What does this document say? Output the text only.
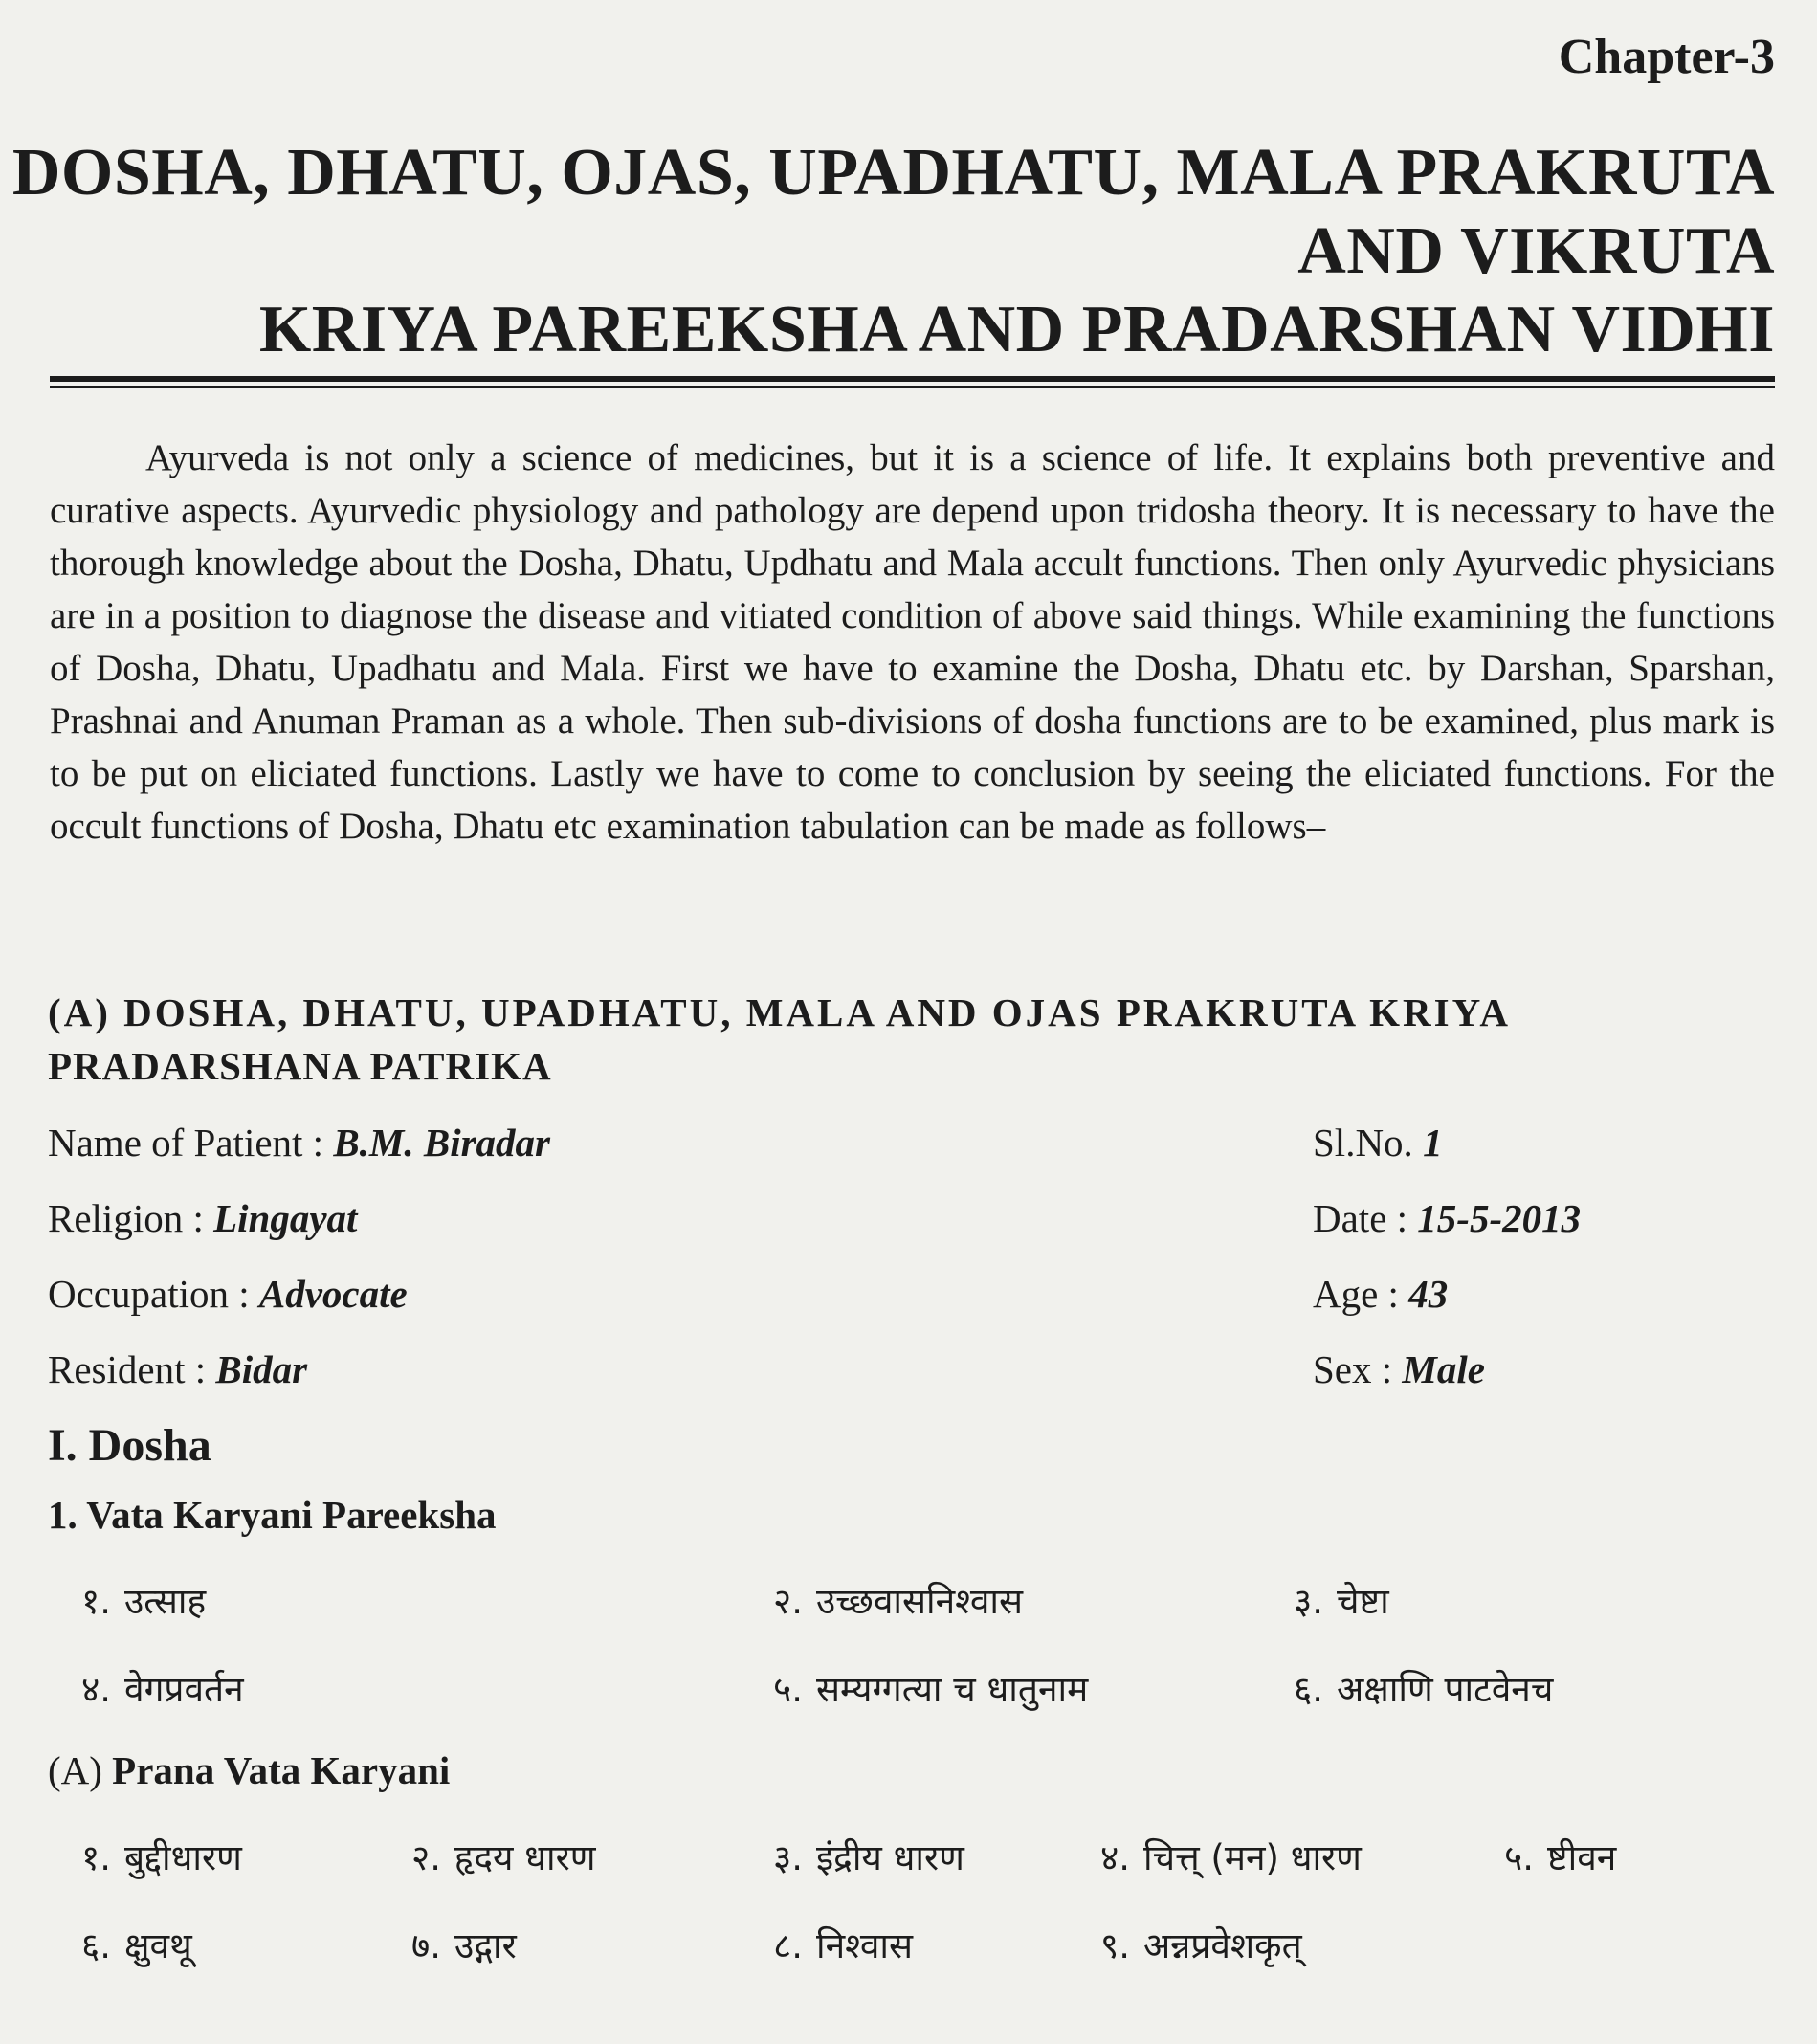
Chapter-3
DOSHA, DHATU, OJAS, UPADHATU, MALA PRAKRUTA
AND VIKRUTA
KRIYA PAREEKSHA AND PRADARSHAN VIDHI

Ayurveda is not only a science of medicines, but it is a science of life. It explains both preventive and curative aspects. Ayurvedic physiology and pathology are depend upon tridosha theory. It is necessary to have the thorough knowledge about the Dosha, Dhatu, Updhatu and Mala accult functions. Then only Ayurvedic physicians are in a position to diagnose the disease and vitiated condition of above said things. While examining the functions of Dosha, Dhatu, Upadhatu and Mala. First we have to examine the Dosha, Dhatu etc. by Darshan, Sparshan, Prashnai and Anuman Praman as a whole. Then sub-divisions of dosha functions are to be examined, plus mark is to be put on eliciated functions. Lastly we have to come to conclusion by seeing the eliciated functions. For the occult functions of Dosha, Dhatu etc examination tabulation can be made as follows–

(A) DOSHA, DHATU, UPADHATU, MALA AND OJAS PRAKRUTA KRIYA
PRADARSHANA PATRIKA
Name of Patient : B.M. Biradar	Sl.No. 1
Religion : Lingayat	Date : 15-5-2013
Occupation : Advocate	Age : 43
Resident : Bidar	Sex : Male
I. Dosha
1. Vata Karyani Pareeksha
१. उत्साह	२. उच्छवासनिश्वास	३. चेष्टा
४. वेगप्रवर्तन	५. सम्यग्गत्या च धातुनाम	६. अक्षाणि पाटवेनच
(A) Prana Vata Karyani
१. बुद्दीधारण	२. हृदय धारण	३. इंद्रीय धारण	४. चित्त् (मन) धारण	५. ष्टीवन
६. क्षुवथू	७. उद्गार	८. निश्वास	९. अन्नप्रवेशकृत्
